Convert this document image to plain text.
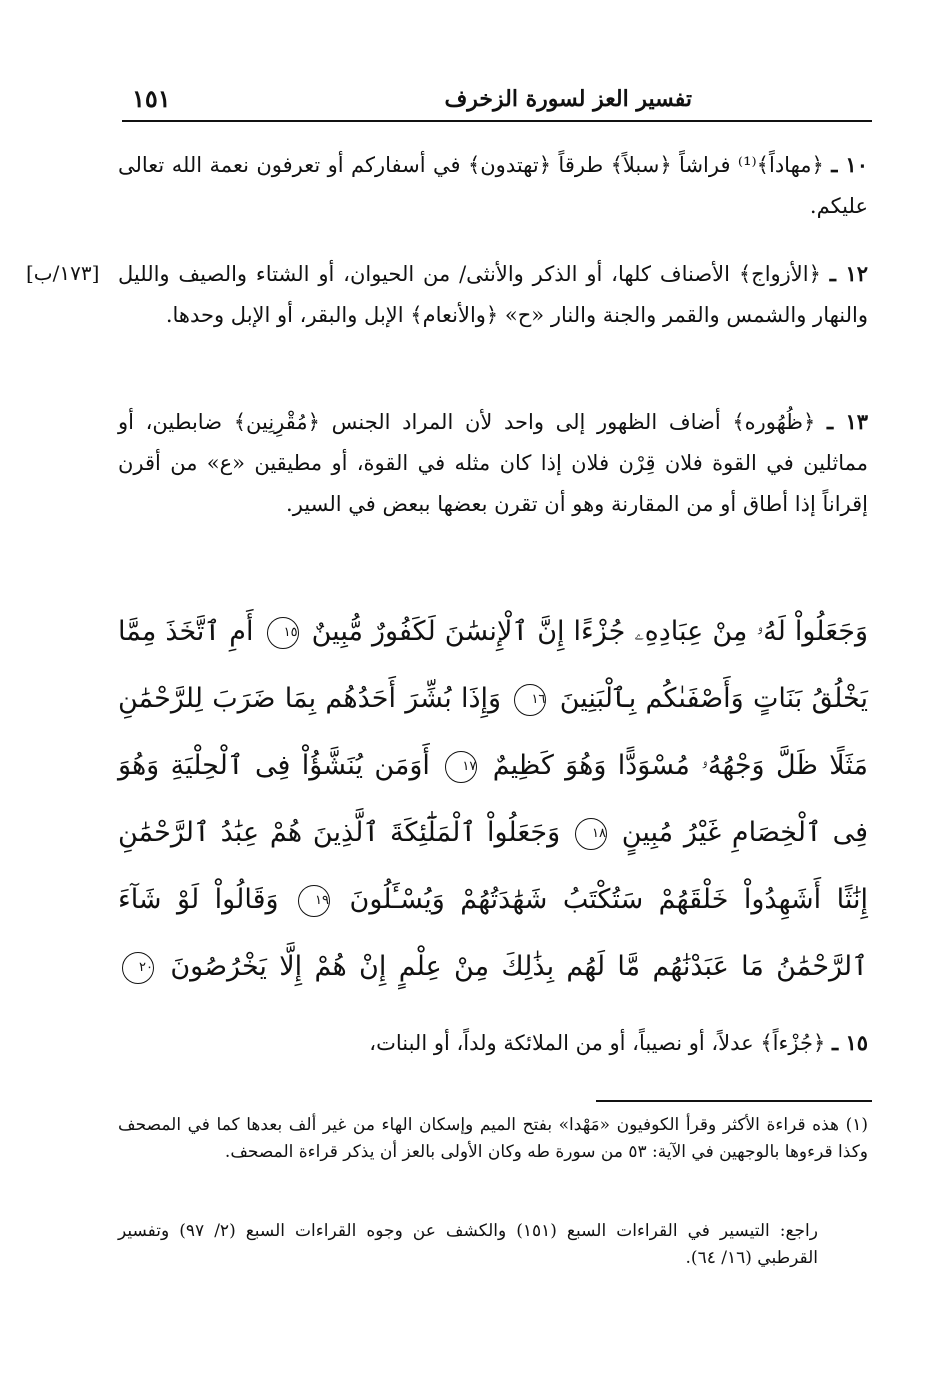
تفسير العز لسورة الزخرف
١٥١
١٠ ـ ﴿مهاداً﴾⁽¹⁾ فراشاً ﴿سبلاً﴾ طرقاً ﴿تهتدون﴾ في أسفاركم أو تعرفون نعمة الله تعالى عليكم.
١٢ ـ ﴿الأزواج﴾ الأصناف كلها، أو الذكر والأنثى/ من الحيوان، أو الشتاء والصيف والليل والنهار والشمس والقمر والجنة والنار «ح» ﴿والأنعام﴾ الإبل والبقر، أو الإبل وحدها.
[١٧٣/ب]
١٣ ـ ﴿ظُهُوره﴾ أضاف الظهور إلى واحد لأن المراد الجنس ﴿مُقْرِنِين﴾ ضابطين، أو مماثلين في القوة فلان قِرْن فلان إذا كان مثله في القوة، أو مطيقين «ع» من أقرن إقراناً إذا أطاق أو من المقارنة وهو أن تقرن بعضها ببعض في السير.
وَجَعَلُواْ لَهُۥ مِنْ عِبَادِهِۦ جُزْءًا إِنَّ ٱلْإِنسَٰنَ لَكَفُورٌ مُّبِينٌ ١٥ أَمِ ٱتَّخَذَ مِمَّا يَخْلُقُ بَنَاتٍ وَأَصْفَىٰكُم بِٱلْبَنِينَ ١٦ وَإِذَا بُشِّرَ أَحَدُهُم بِمَا ضَرَبَ لِلرَّحْمَٰنِ مَثَلًا ظَلَّ وَجْهُهُۥ مُسْوَدًّا وَهُوَ كَظِيمٌ ١٧ أَوَمَن يُنَشَّؤُاْ فِى ٱلْحِلْيَةِ وَهُوَ فِى ٱلْخِصَامِ غَيْرُ مُبِينٍ ١٨ وَجَعَلُواْ ٱلْمَلَٰٓئِكَةَ ٱلَّذِينَ هُمْ عِبَٰدُ ٱلرَّحْمَٰنِ إِنَٰثًا أَشَهِدُواْ خَلْقَهُمْ سَتُكْتَبُ شَهَٰدَتُهُمْ وَيُسْـَٔلُونَ ١٩ وَقَالُواْ لَوْ شَآءَ ٱلرَّحْمَٰنُ مَا عَبَدْنَٰهُم مَّا لَهُم بِذَٰلِكَ مِنْ عِلْمٍ إِنْ هُمْ إِلَّا يَخْرُصُونَ ٢٠
١٥ ـ ﴿جُزْءاً﴾ عدلاً، أو نصيباً، أو من الملائكة ولداً، أو البنات،
(١) هذه قراءة الأكثر وقرأ الكوفيون «مَهْدا» بفتح الميم وإسكان الهاء من غير ألف بعدها كما في المصحف وكذا قرءوها بالوجهين في الآية: ٥٣ من سورة طه وكان الأولى بالعز أن يذكر قراءة المصحف.
راجع: التيسير في القراءات السبع (١٥١) والكشف عن وجوه القراءات السبع (٢/ ٩٧) وتفسير القرطبي (١٦/ ٦٤).
